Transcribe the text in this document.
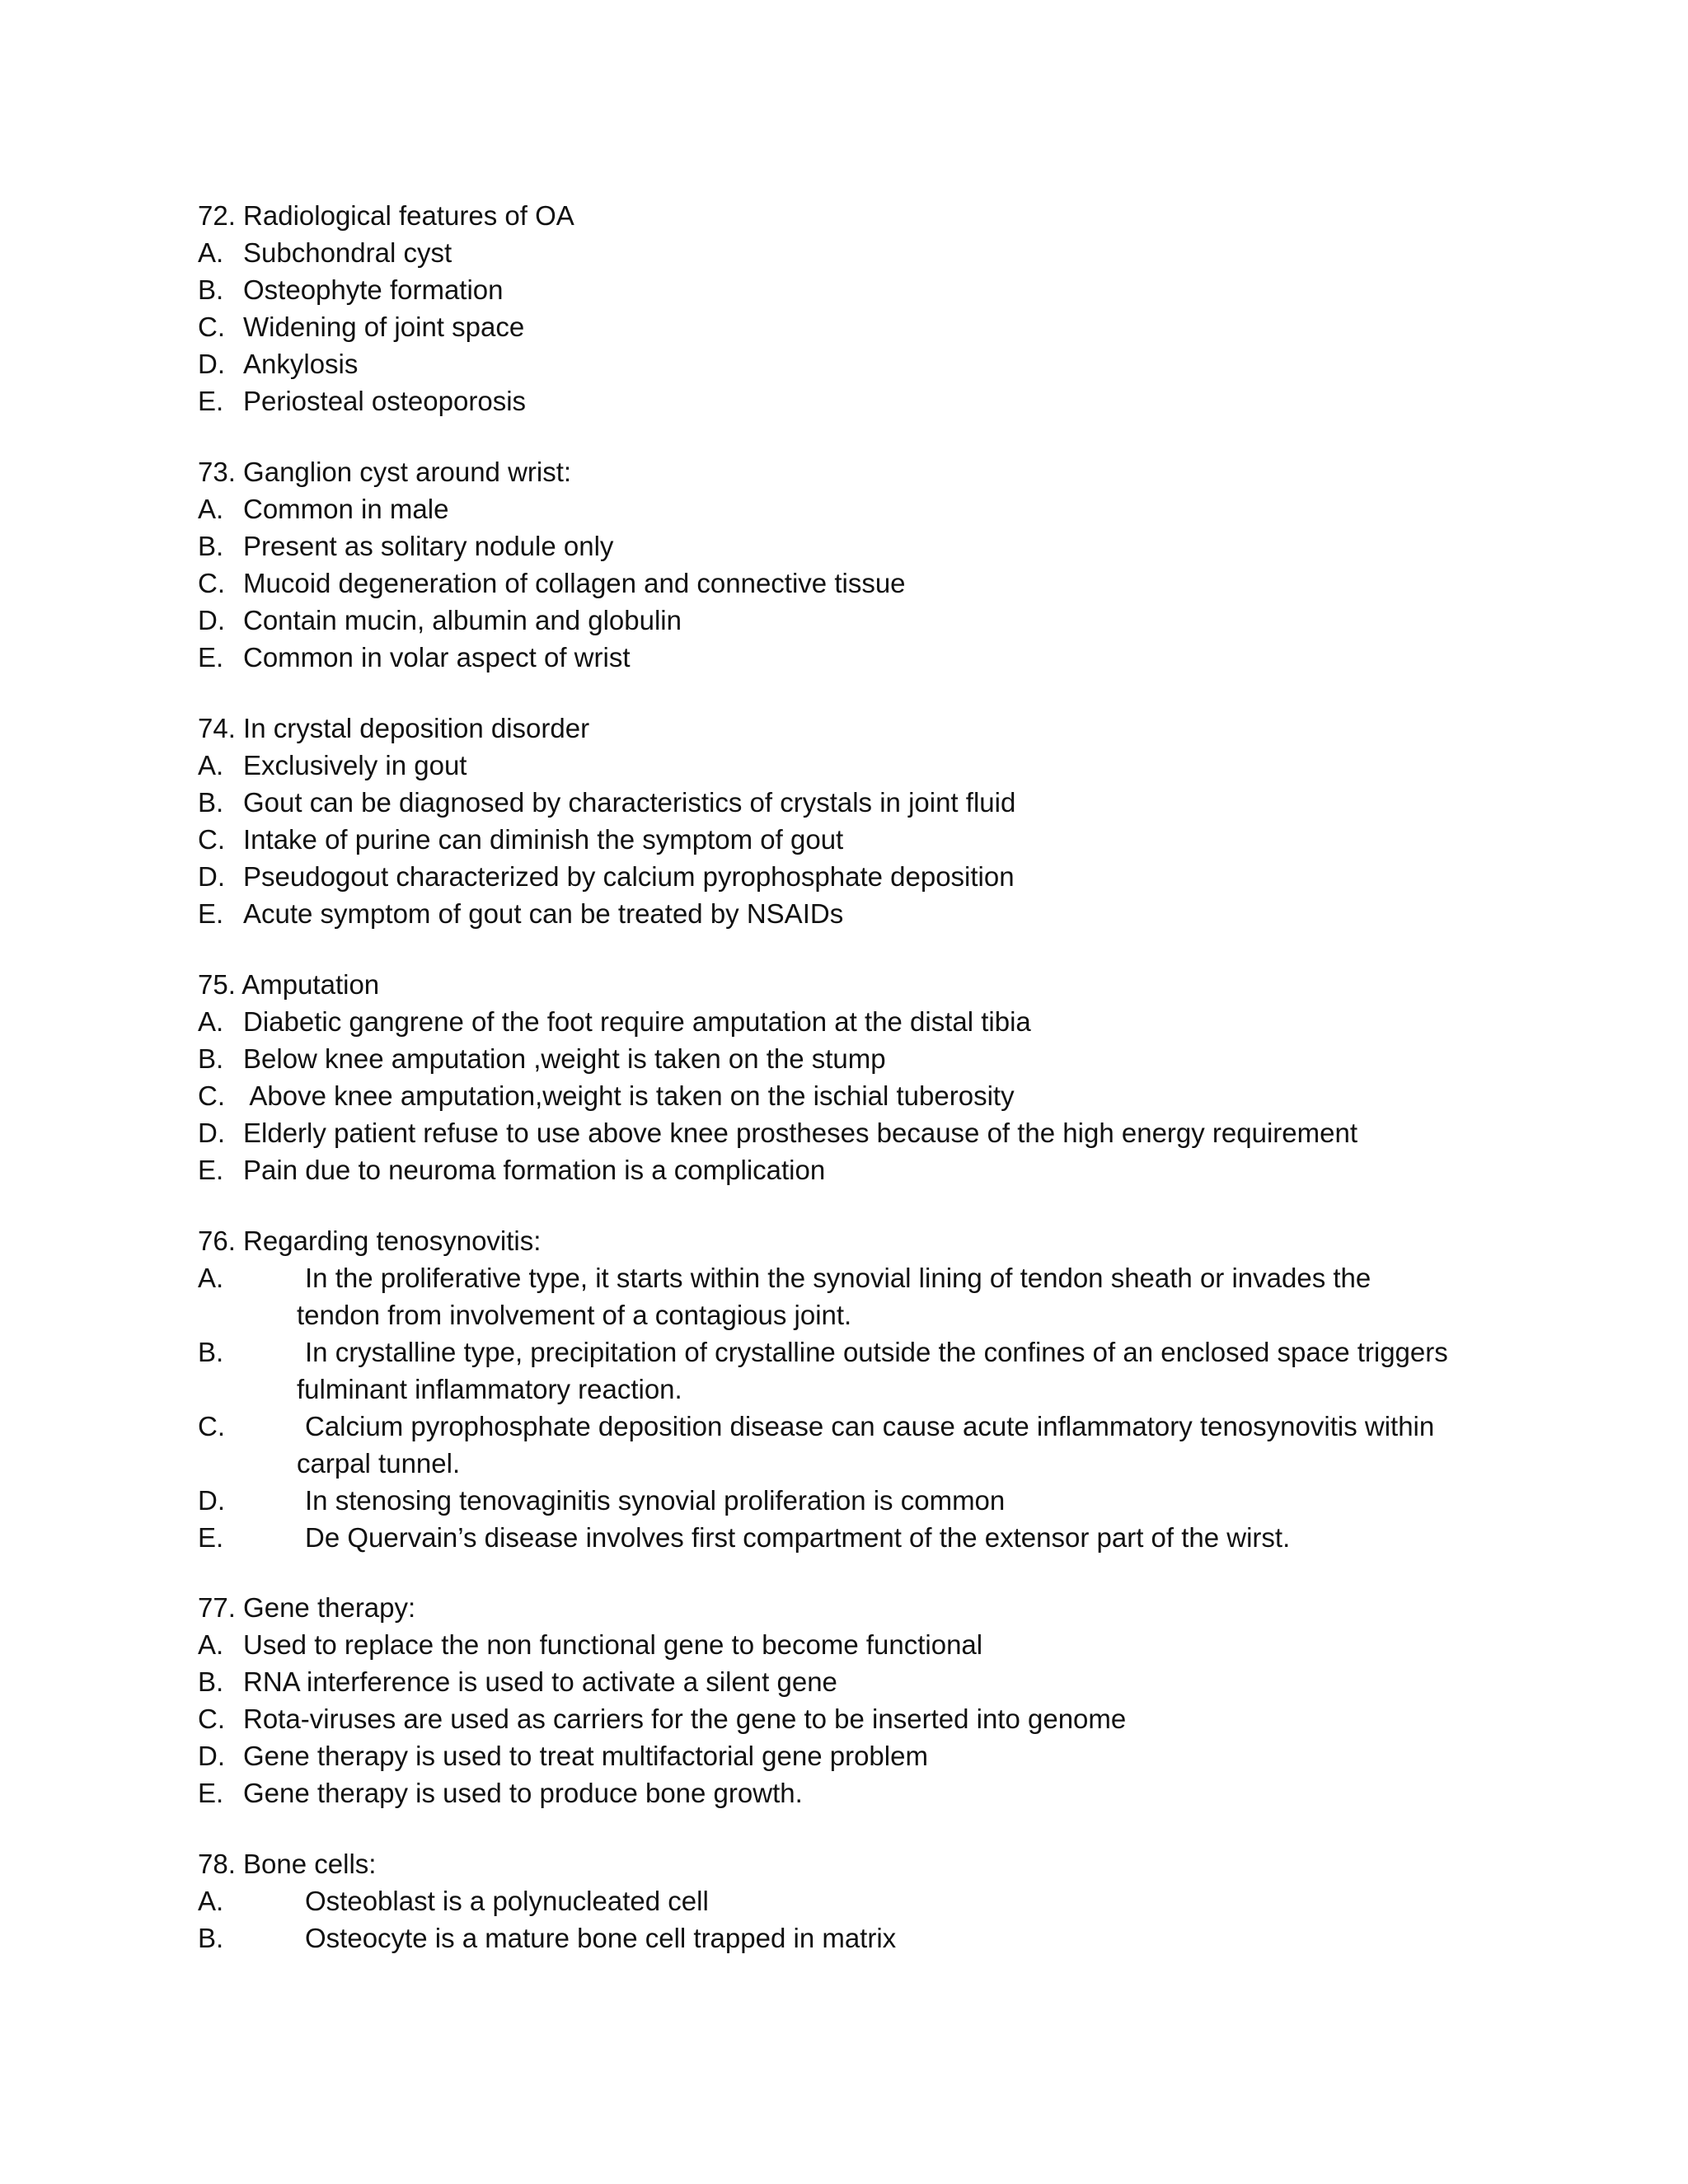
72. Radiological features of OA
A. Subchondral cyst
B. Osteophyte formation
C. Widening of joint space
D. Ankylosis
E. Periosteal osteoporosis
73. Ganglion cyst around wrist:
A. Common in male
B. Present as solitary nodule only
C. Mucoid degeneration of collagen and connective tissue
D. Contain mucin, albumin and globulin
E. Common in volar aspect of wrist
74. In crystal deposition disorder
A. Exclusively in gout
B. Gout can be diagnosed by characteristics of crystals in joint fluid
C. Intake of purine can diminish the symptom of gout
D. Pseudogout characterized by calcium pyrophosphate deposition
E. Acute symptom of gout can be treated by NSAIDs
75. Amputation
A. Diabetic gangrene of the foot require amputation at the distal tibia
B. Below knee amputation ,weight is taken on the stump
C. Above knee amputation,weight is taken on the ischial tuberosity
D. Elderly patient refuse to use above knee prostheses because of the high energy requirement
E. Pain due to neuroma formation is a complication
76. Regarding tenosynovitis:
A.	In the proliferative type, it starts within the synovial lining of tendon sheath or invades the
tendon from involvement of a contagious joint.
B.	In crystalline type, precipitation of crystalline outside the confines of an enclosed space triggers
fulminant inflammatory reaction.
C.	Calcium pyrophosphate deposition disease can cause acute inflammatory tenosynovitis within
carpal tunnel.
D.	In stenosing tenovaginitis synovial proliferation is common
E.	De Quervain’s disease involves first compartment of the extensor part of the wirst.
77. Gene therapy:
A. Used to replace the non functional gene to become functional
B. RNA interference is used to activate a silent gene
C. Rota-viruses are used as carriers for the gene to be inserted into genome
D. Gene therapy is used to treat multifactorial gene problem
E. Gene therapy is used to produce bone growth.
78. Bone cells:
A.	Osteoblast is a polynucleated cell
B.	Osteocyte is a mature bone cell trapped in matrix
